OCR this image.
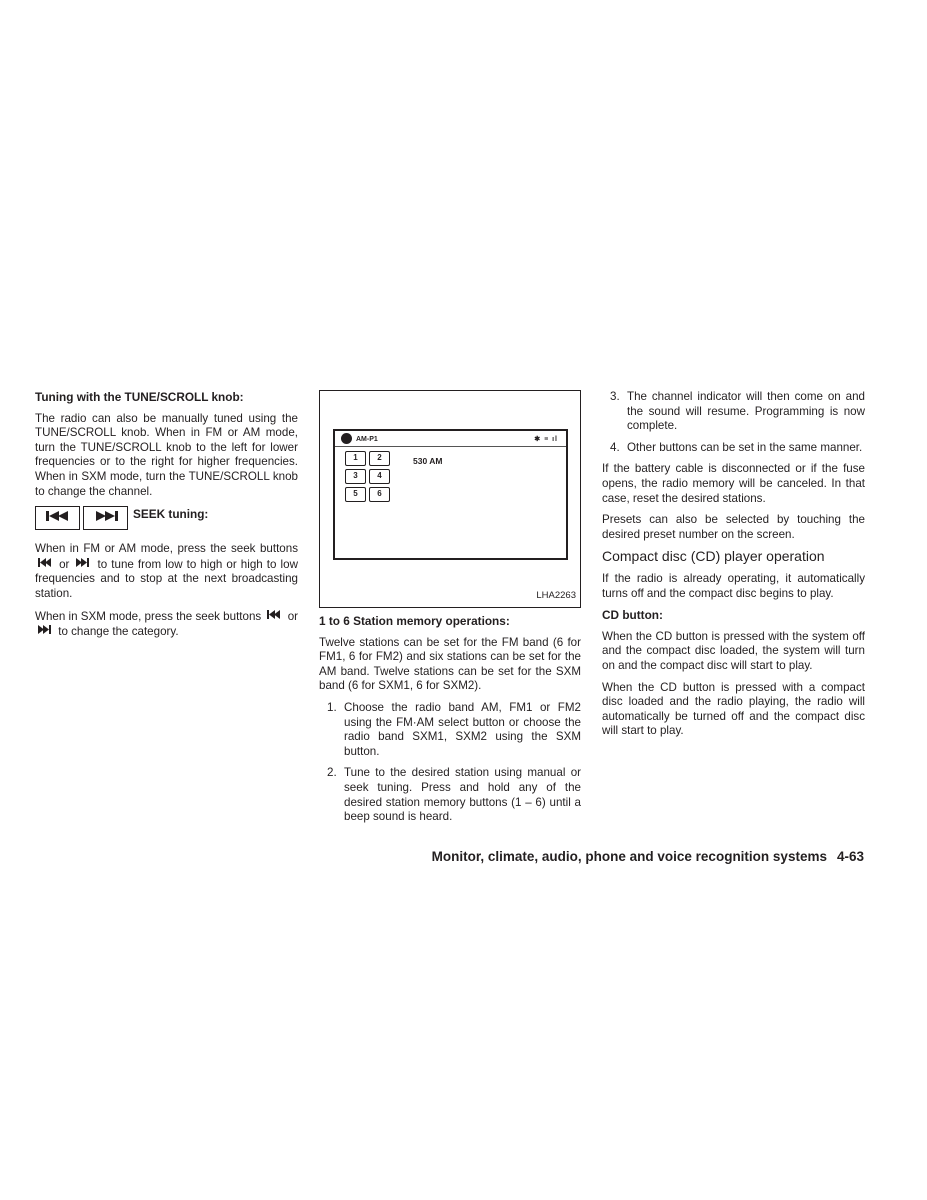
Tuning with the TUNE/SCROLL knob:

The radio can also be manually tuned using the TUNE/SCROLL knob. When in FM or AM mode, turn the TUNE/SCROLL knob to the left for lower frequencies or to the right for higher frequencies. When in SXM mode, turn the TUNE/SCROLL knob to change the channel.

SEEK tuning:

When in FM or AM mode, press the seek buttons  or to tune from low to high or high to low frequencies and to stop at the next broadcasting station.

When in SXM mode, press the seek buttons or  to change the category.

AM-P1	✱ ≡ ıl
1	2
3	4
5	6
530 AM
LHA2263
1 to 6 Station memory operations:

Twelve stations can be set for the FM band (6 for FM1, 6 for FM2) and six stations can be set for the AM band. Twelve stations can be set for the SXM band (6 for SXM1, 6 for SXM2).

1. Choose the radio band AM, FM1 or FM2 using the FM·AM select button or choose the radio band SXM1, SXM2 using the SXM button.
2. Tune to the desired station using manual or seek tuning. Press and hold any of the desired station memory buttons (1 – 6) until a beep sound is heard.
3. The channel indicator will then come on and the sound will resume. Programming is now complete.
4. Other buttons can be set in the same manner.

If the battery cable is disconnected or if the fuse opens, the radio memory will be canceled. In that case, reset the desired stations.

Presets can also be selected by touching the desired preset number on the screen.

Compact disc (CD) player operation

If the radio is already operating, it automatically turns off and the compact disc begins to play.

CD button:

When the CD button is pressed with the system off and the compact disc loaded, the system will turn on and the compact disc will start to play.

When the CD button is pressed with a compact disc loaded and the radio playing, the radio will automatically be turned off and the compact disc will start to play.

Monitor, climate, audio, phone and voice recognition systems 4-63
